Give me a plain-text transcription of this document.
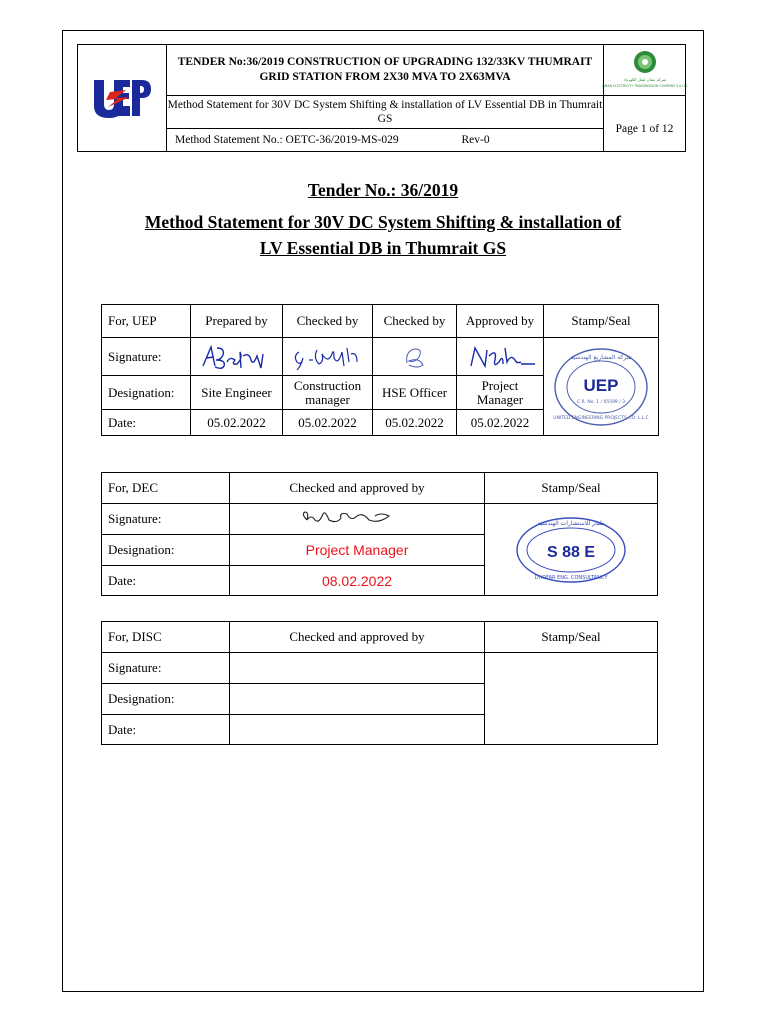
	TENDER No:36/2019 CONSTRUCTION OF UPGRADING 132/33KV THUMRAIT GRID STATION FROM 2X30 MVA TO 2X63MVA	شركة عمان لنقل الكهرباء
OMAN ELECTRICITY TRANSMISSION COMPANY S.A.O.C

	Method Statement for 30V DC System Shifting & installation of LV Essential DB in Thumrait GS	Page 1 of 12
	Method Statement No.: OETC-36/2019-MS-029 Rev-0	
Tender No.: 36/2019
Method Statement for 30V DC System Shifting & installation of
LV Essential DB in Thumrait GS
For, UEP	Prepared by	Checked by	Checked by	Approved by	Stamp/Seal
Signature:					شركة المشاريع الهندسية
UNITED ENGINEERING PROJECTS CO. L.L.C
UEP
C.R. No. 1 / 05599 / 3

Designation:	Site Engineer	Construction manager	HSE Officer	Project Manager	
Date:	05.02.2022	05.02.2022	05.02.2022	05.02.2022	
For, DEC	Checked and approved by	Stamp/Seal
Signature:		ظفار للاستشارات الهندسية
DHOFAR ENG. CONSULTANCY
S 88 E

Designation:	Project Manager	
Date:	08.02.2022	
For, DISC	Checked and approved by	Stamp/Seal
Signature:		
Designation:		
Date:		
